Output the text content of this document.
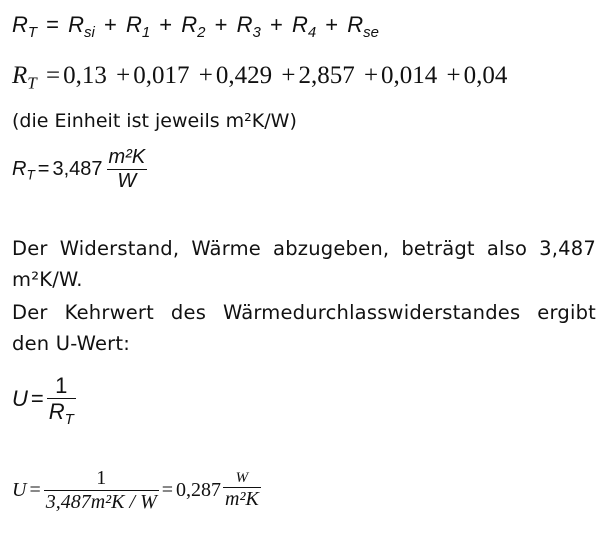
$R_T = R_{si} + R_1 + R_2 + R_3 + R_4 + R_{se}$
$R_T = 0,13 + 0,017 + 0,429 + 2,857 + 0,014 + 0,04$
(die Einheit ist jeweils m²K/W)
$R_T = 3,487 \frac{\text{m²K}}{W}$
Der Widerstand, Wärme abzugeben, beträgt also 3,487 m²K/W.
Der Kehrwert des Wärmedurchlasswiderstandes ergibt den U-Wert:
$U = \frac{1}{R_T}$
$U = \frac{1}{\text{3,487m²K / W}} = 0,287 \frac{W}{\text{m²K}}$
